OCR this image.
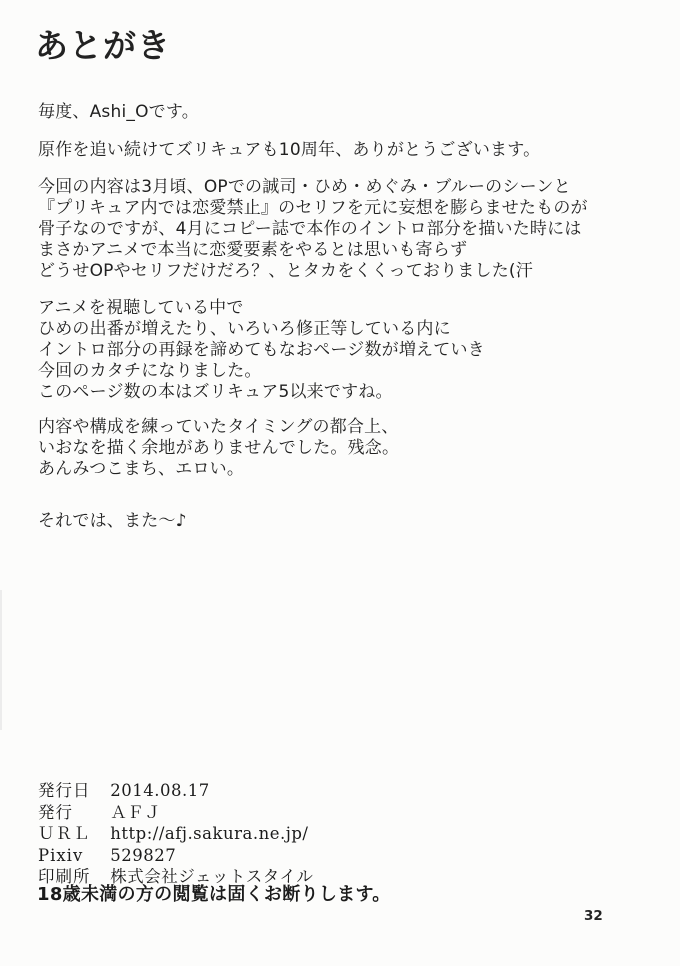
あとがき
毎度、Ashi_Oです。
原作を追い続けてズリキュアも10周年、ありがとうございます。
今回の内容は3月頃、OPでの誠司・ひめ・めぐみ・ブルーのシーンと
『プリキュア内では恋愛禁止』のセリフを元に妄想を膨らませたものが
骨子なのですが、4月にコピー誌で本作のイントロ部分を描いた時には
まさかアニメで本当に恋愛要素をやるとは思いも寄らず
どうせOPやセリフだけだろ？、とタカをくくっておりました(汗
アニメを視聴している中で
ひめの出番が増えたり、いろいろ修正等している内に
イントロ部分の再録を諦めてもなおページ数が増えていき
今回のカタチになりました。
このページ数の本はズリキュア5以来ですね。
内容や構成を練っていたタイミングの都合上、
いおなを描く余地がありませんでした。残念。
あんみつこまち、エロい。
それでは、また～♪
発行日 2014.08.17
発行 ＡＦＪ
ＵＲＬ http://afj.sakura.ne.jp/
Pixiv 529827
印刷所 株式会社ジェットスタイル
18歳未満の方の閲覧は固くお断りします。
32
